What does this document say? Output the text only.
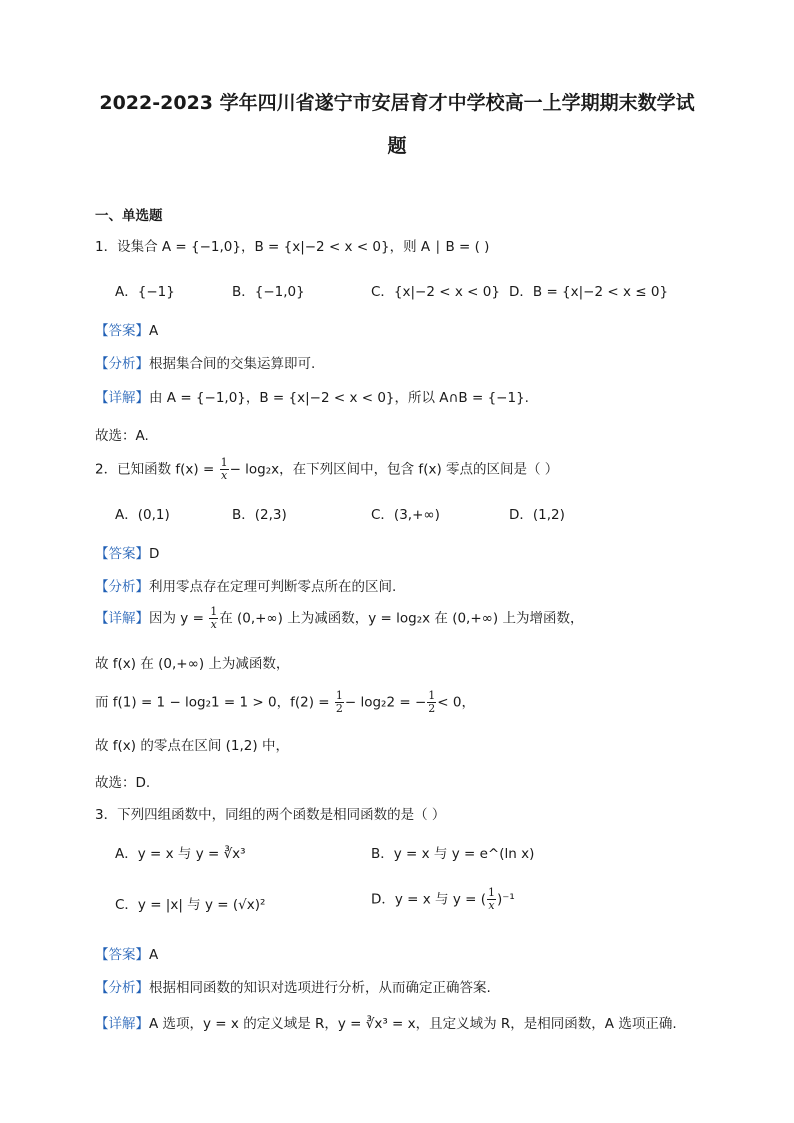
2022-2023 学年四川省遂宁市安居育才中学校高一上学期期末数学试
题
一、单选题
1．设集合 A = {−1,0}，B = {x|−2 < x < 0}，则 A ∣ B = ( )
A．{−1}	B．{−1,0}	C．{x|−2 < x < 0} D．B = {x|−2 < x ≤ 0}
【答案】A
【分析】根据集合间的交集运算即可.
【详解】由 A = {−1,0}，B = {x|−2 < x < 0}，所以 A∩B = {−1}.
故选：A.
2．已知函数 $f(x) = \frac{1}{x} - \log_2x$，在下列区间中，包含 f(x) 零点的区间是（ ）
A．(0,1)	B．(2,3)	C．(3,+∞)	D．(1,2)
【答案】D
【分析】利用零点存在定理可判断零点所在的区间.
【详解】因为 $y = \frac{1}{x}$ 在 (0,+∞) 上为减函数，y = log₂x 在 (0,+∞) 上为增函数，
故 f(x) 在 (0,+∞) 上为减函数，
而 f(1) = 1 − log₂1 = 1 > 0，$f(2) = \frac{1}{2} - \log_22$ = − $\frac{1}{2} < 0$，
故 f(x) 的零点在区间 (1,2) 中，
故选：D.
3．下列四组函数中，同组的两个函数是相同函数的是（ ）
A．y = x 与 y = ∛x³	B．y = x 与 y = e^(ln x)
C．y = |x| 与 y = (√x)²	D．y = x 与 y = ( $\frac{1}{x} )^{-1}$
【答案】A
【分析】根据相同函数的知识对选项进行分析，从而确定正确答案.
【详解】A 选项，y = x 的定义域是 R，y = ∛x³ = x，且定义域为 R，是相同函数，A 选项正确.
